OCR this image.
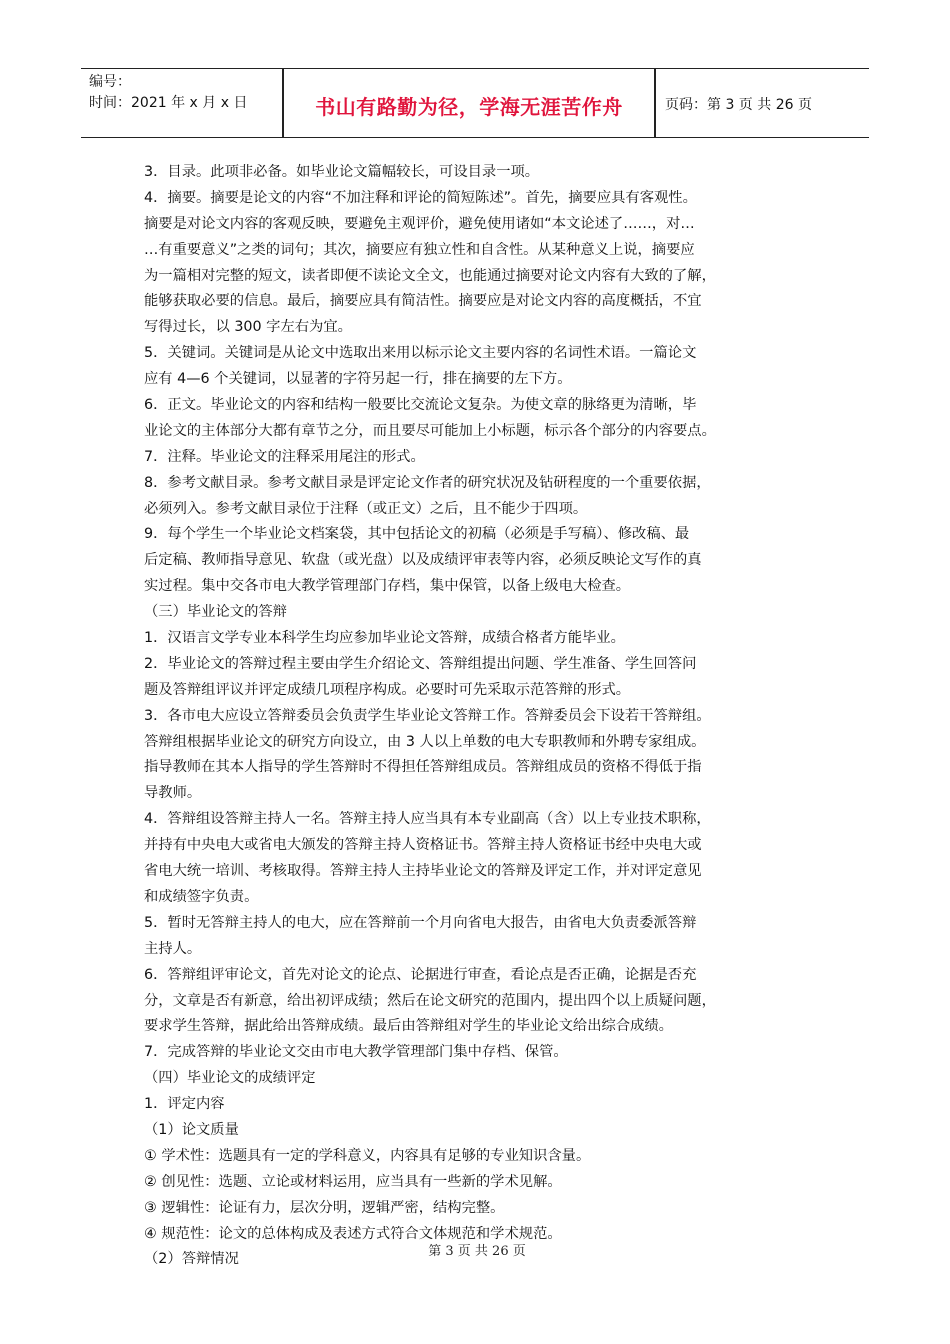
编号：
时间：2021 年 x 月 x 日	书山有路勤为径，学海无涯苦作舟	页码：第 3 页 共 26 页
3．目录。此项非必备。如毕业论文篇幅较长，可设目录一项。
4．摘要。摘要是论文的内容“不加注释和评论的简短陈述”。首先，摘要应具有客观性。
摘要是对论文内容的客观反映，要避免主观评价，避免使用诸如“本文论述了……，对…
…有重要意义”之类的词句；其次，摘要应有独立性和自含性。从某种意义上说，摘要应
为一篇相对完整的短文，读者即便不读论文全文，也能通过摘要对论文内容有大致的了解，
能够获取必要的信息。最后，摘要应具有简洁性。摘要应是对论文内容的高度概括，不宜
写得过长，以 300 字左右为宜。
5．关键词。关键词是从论文中选取出来用以标示论文主要内容的名词性术语。一篇论文
应有 4—6 个关键词，以显著的字符另起一行，排在摘要的左下方。
6．正文。毕业论文的内容和结构一般要比交流论文复杂。为使文章的脉络更为清晰，毕
业论文的主体部分大都有章节之分，而且要尽可能加上小标题，标示各个部分的内容要点。
7．注释。毕业论文的注释采用尾注的形式。
8．参考文献目录。参考文献目录是评定论文作者的研究状况及钻研程度的一个重要依据，
必须列入。参考文献目录位于注释（或正文）之后，且不能少于四项。
9．每个学生一个毕业论文档案袋，其中包括论文的初稿（必须是手写稿）、修改稿、最
后定稿、教师指导意见、软盘（或光盘）以及成绩评审表等内容，必须反映论文写作的真
实过程。集中交各市电大教学管理部门存档，集中保管，以备上级电大检查。
（三）毕业论文的答辩
1．汉语言文学专业本科学生均应参加毕业论文答辩，成绩合格者方能毕业。
2．毕业论文的答辩过程主要由学生介绍论文、答辩组提出问题、学生准备、学生回答问
题及答辩组评议并评定成绩几项程序构成。必要时可先采取示范答辩的形式。
3．各市电大应设立答辩委员会负责学生毕业论文答辩工作。答辩委员会下设若干答辩组。
答辩组根据毕业论文的研究方向设立，由 3 人以上单数的电大专职教师和外聘专家组成。
指导教师在其本人指导的学生答辩时不得担任答辩组成员。答辩组成员的资格不得低于指
导教师。
4．答辩组设答辩主持人一名。答辩主持人应当具有本专业副高（含）以上专业技术职称，
并持有中央电大或省电大颁发的答辩主持人资格证书。答辩主持人资格证书经中央电大或
省电大统一培训、考核取得。答辩主持人主持毕业论文的答辩及评定工作，并对评定意见
和成绩签字负责。
5．暂时无答辩主持人的电大，应在答辩前一个月向省电大报告，由省电大负责委派答辩
主持人。
6．答辩组评审论文，首先对论文的论点、论据进行审查，看论点是否正确，论据是否充
分，文章是否有新意，给出初评成绩；然后在论文研究的范围内，提出四个以上质疑问题，
要求学生答辩，据此给出答辩成绩。最后由答辩组对学生的毕业论文给出综合成绩。
7．完成答辩的毕业论文交由市电大教学管理部门集中存档、保管。
（四）毕业论文的成绩评定
1．评定内容
（1）论文质量
① 学术性：选题具有一定的学科意义，内容具有足够的专业知识含量。
② 创见性：选题、立论或材料运用，应当具有一些新的学术见解。
③ 逻辑性：论证有力，层次分明，逻辑严密，结构完整。
④ 规范性：论文的总体构成及表述方式符合文体规范和学术规范。
（2）答辩情况	第 3 页 共 26 页
